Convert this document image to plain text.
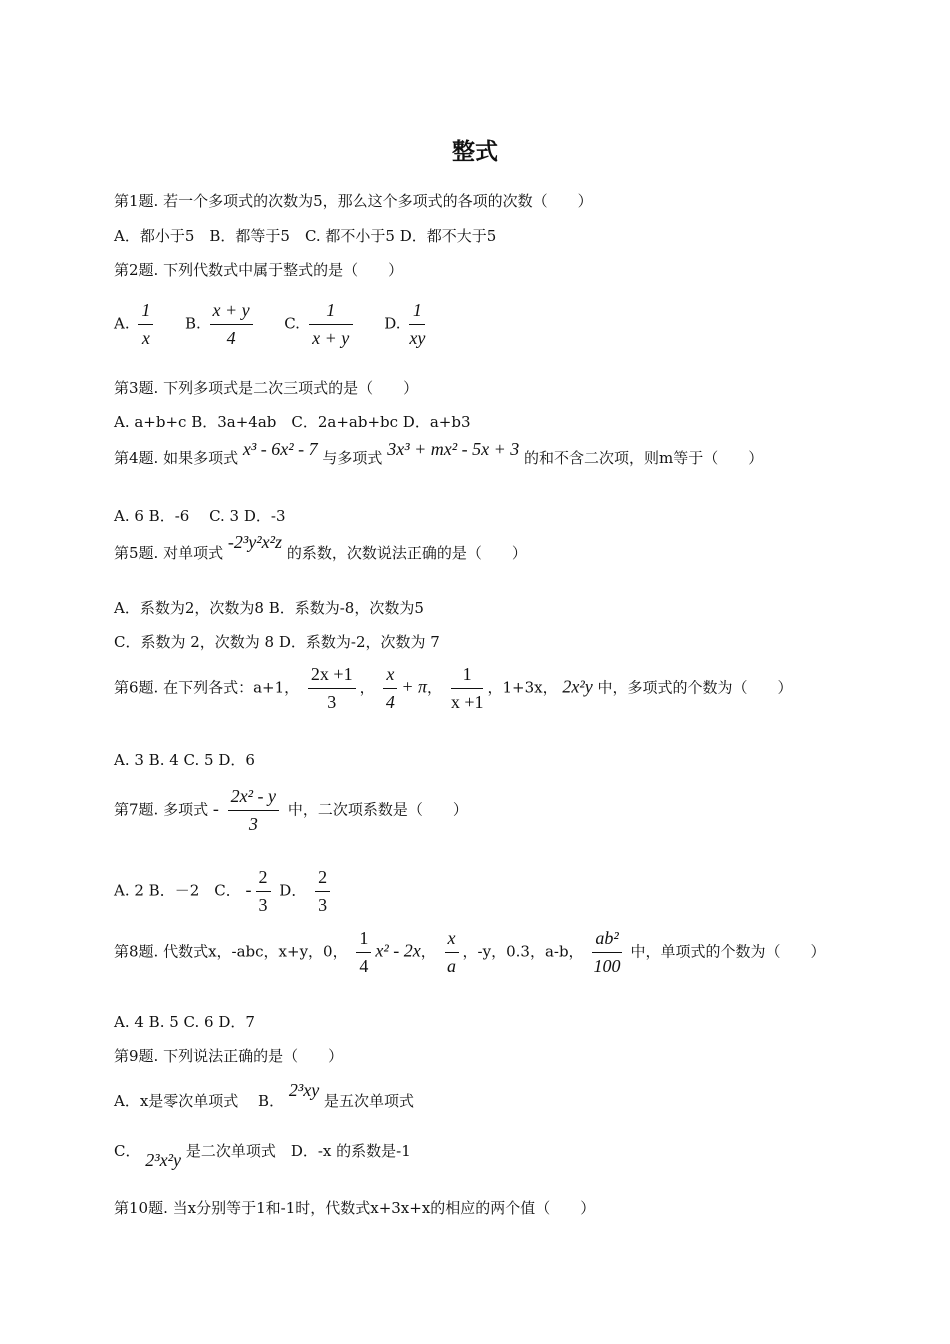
整式
第1题. 若一个多项式的次数为5，那么这个多项式的各项的次数（　　）
A．都小于5　B．都等于5　C. 都不小于5 D．都不大于5
第2题. 下列代数式中属于整式的是（　　）
A. $\frac{1}{x} B$. $\frac{x + y}{4} C$. $\frac{1}{x + y} D$. $\frac{1}{xy}$
第3题. 下列多项式是二次三项式的是（　　）
A. a+b+c B．3a+4ab　C．2a+ab+bc D．a+b3
第4题. 如果多项式 x³ - 6x² - 7 与多项式 3x³ + mx² - 5x + 3 的和不含二次项，则m等于（　　）
A. 6 B．-6　 C. 3 D．-3
第5题. 对单项式 -2³y²x²z 的系数，次数说法正确的是（　　）
A．系数为2，次数为8 B．系数为-8，次数为5
C．系数为 2，次数为 8 D．系数为-2，次数为 7
第6题. 在下列各式：a+1， $\frac{2x +1}{3}$ ， $\frac{x}{4} + \pi$， $\frac{1}{x +1}$ ，1+3x， 2x²y 中，多项式的个数为（　　）
A. 3 B. 4 C. 5 D．6
第7题. 多项式 - $\frac{\text{2x² - y}}{3}$ 中，二次项系数是（　　）
A. 2 B．－2　C． - $\frac{2}{3}$ D． $\frac{2}{3}$
第8题. 代数式x，-abc，x+y，0， $\frac{1}{4} x^2 - 2x$， $\frac{x}{a}$ ，-y，0.3，a-b， $\frac{\text{ab²}}{100}$ 中，单项式的个数为（　　）
A. 4 B. 5 C. 6 D．7
第9题. 下列说法正确的是（　　）
A．x是零次单项式　 B． 2³xy 是五次单项式
C． 2³x²y 是二次单项式　D．-x 的系数是-1
第10题. 当x分别等于1和-1时，代数式x+3x+x的相应的两个值（　　）
